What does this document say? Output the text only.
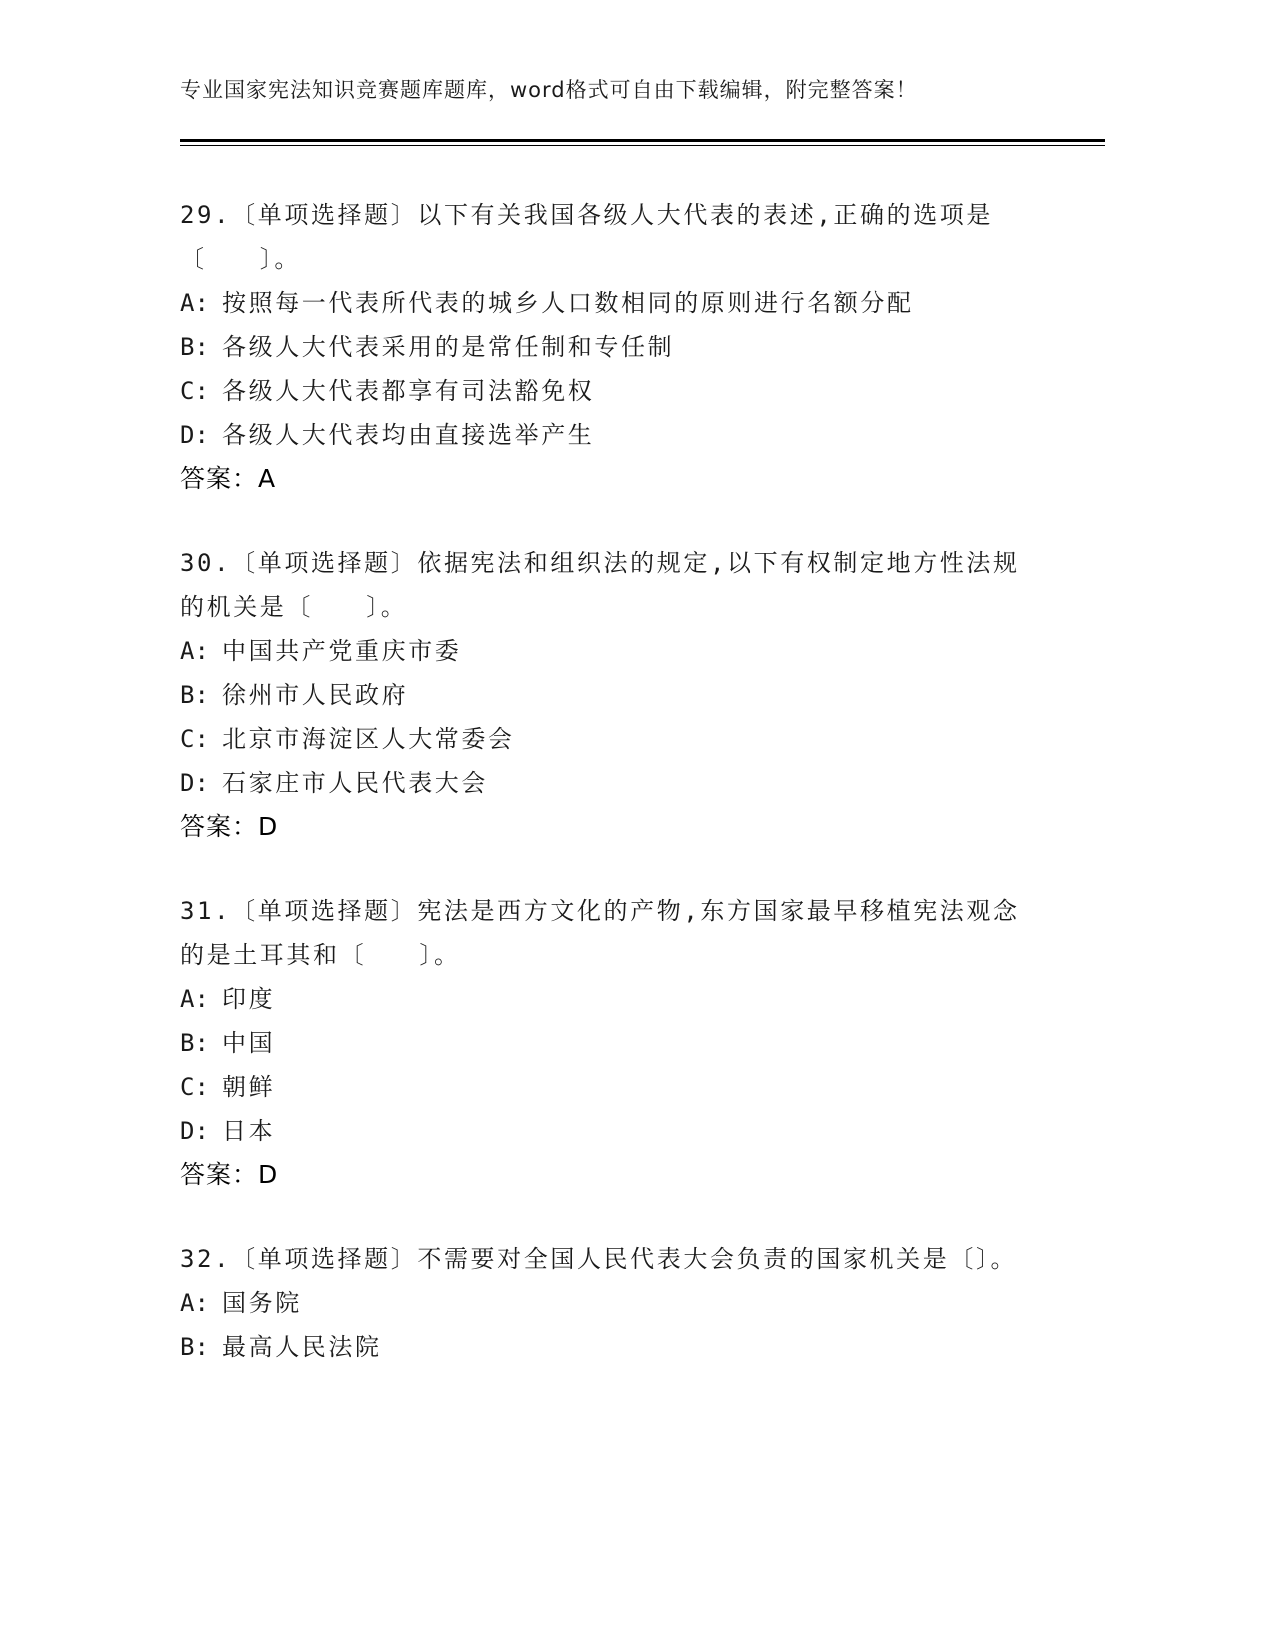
专业国家宪法知识竞赛题库题库，word格式可自由下载编辑，附完整答案！

29.〔单项选择题〕以下有关我国各级人大代表的表述,正确的选项是〔　　〕。

A: 按照每一代表所代表的城乡人口数相同的原则进行名额分配

B: 各级人大代表采用的是常任制和专任制

C: 各级人大代表都享有司法豁免权

D: 各级人大代表均由直接选举产生

答案：A

30.〔单项选择题〕依据宪法和组织法的规定,以下有权制定地方性法规的机关是〔　　〕。

A: 中国共产党重庆市委

B: 徐州市人民政府

C: 北京市海淀区人大常委会

D: 石家庄市人民代表大会

答案：D

31.〔单项选择题〕宪法是西方文化的产物,东方国家最早移植宪法观念的是土耳其和〔　　〕。

A: 印度

B: 中国

C: 朝鲜

D: 日本

答案：D

32.〔单项选择题〕不需要对全国人民代表大会负责的国家机关是〔〕。

A: 国务院

B: 最高人民法院
